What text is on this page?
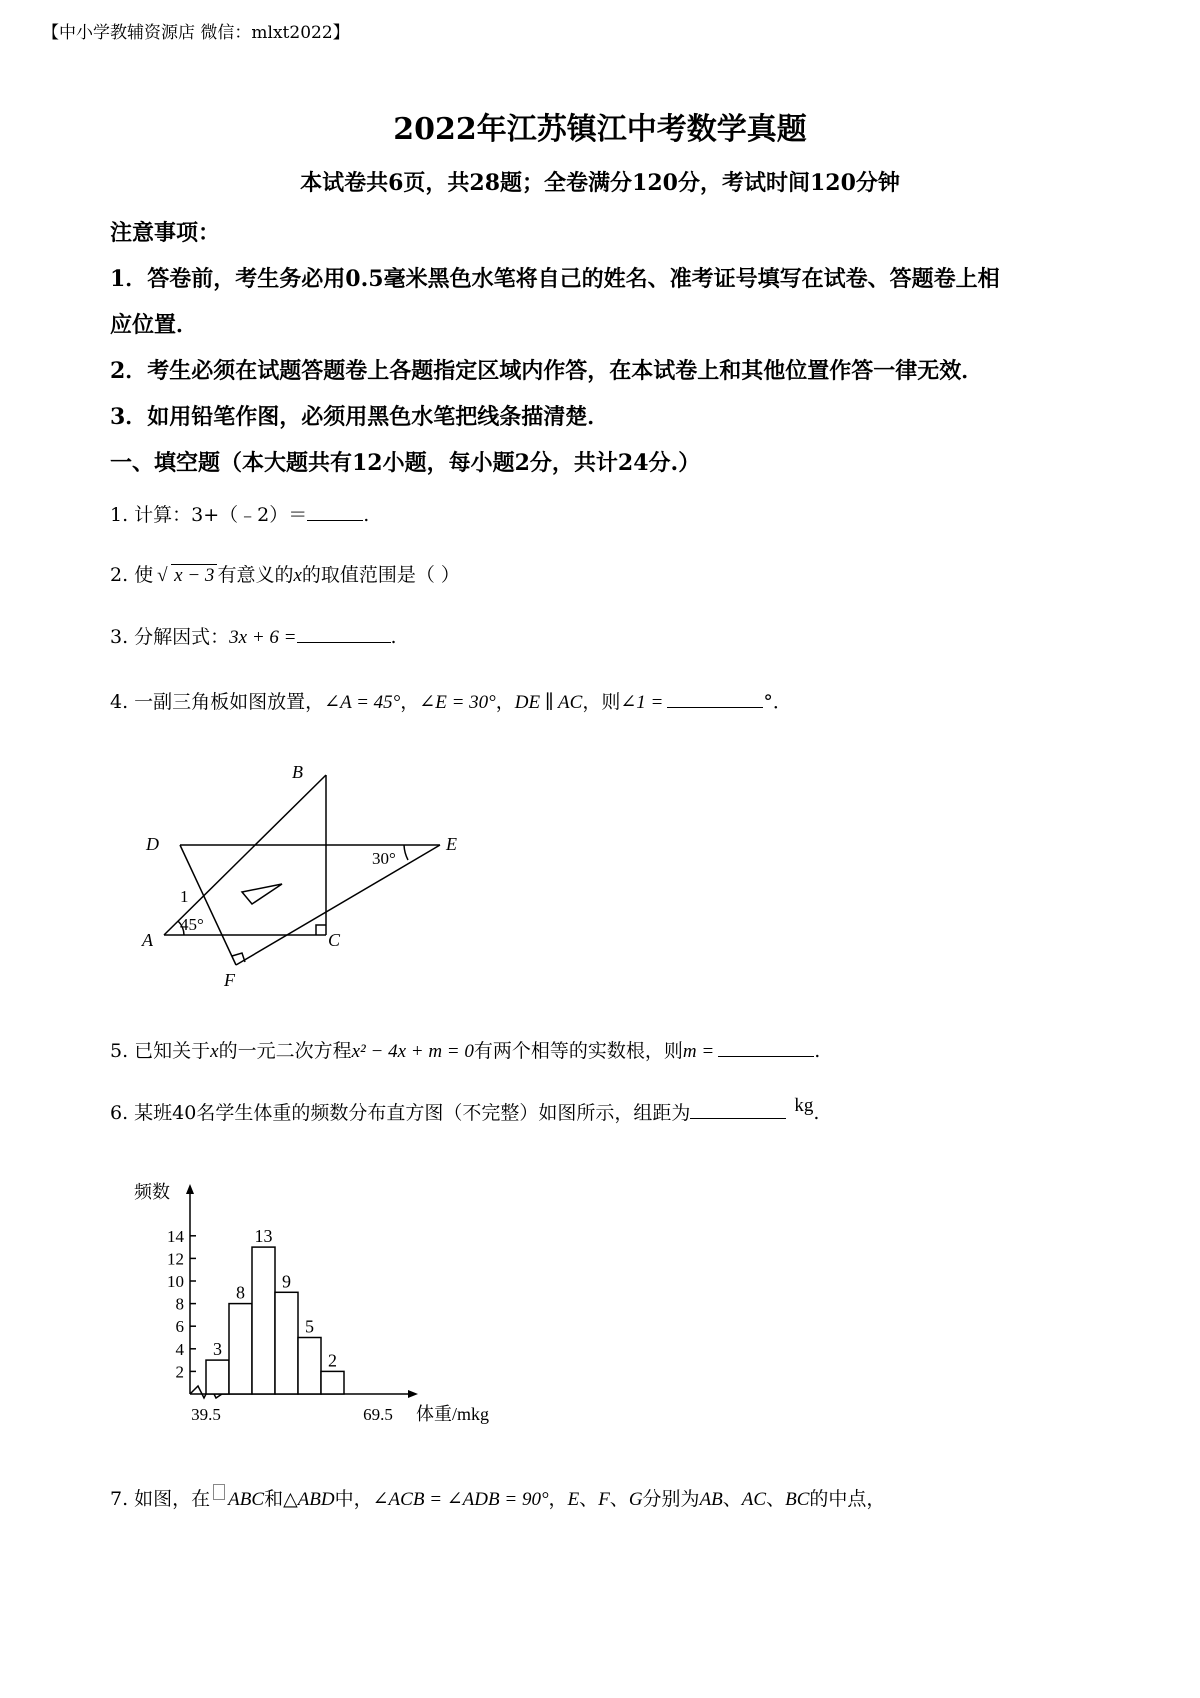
【中小学教辅资源店 微信：mlxt2022】
2022年江苏镇江中考数学真题
本试卷共6页，共28题；全卷满分120分，考试时间120分钟
注意事项：
1．答卷前，考生务必用0.5毫米黑色水笔将自己的姓名、准考证号填写在试卷、答题卷上相
应位置．
2．考生必须在试题答题卷上各题指定区域内作答，在本试卷上和其他位置作答一律无效．
3．如用铅笔作图，必须用黑色水笔把线条描清楚．
一、填空题（本大题共有12小题，每小题2分，共计24分.）
1. 计算：3+（﹣2）＝	.
2. 使 √ x − 3 有意义的x的取值范围是（ ）
3. 分解因式：3x + 6 =	.
4. 一副三角板如图放置，∠A = 45°，∠E = 30°，DE ∥ AC，则∠1 =	°．
B
D	E
A	C
F
1
45°
30°
5. 已知关于x的一元二次方程x² − 4x + m = 0有两个相等的实数根，则m =	.
6. 某班40名学生体重的频数分布直方图（不完整）如图所示，组距为	kg.
频数
体重/mkg
39.5	69.5
2
4
6
8
10
12
14
3
8
13
9
5
2
7. 如图，在 ABC和△ABD中，∠ACB = ∠ADB = 90°，E、F、G分别为AB、AC、BC的中点，
